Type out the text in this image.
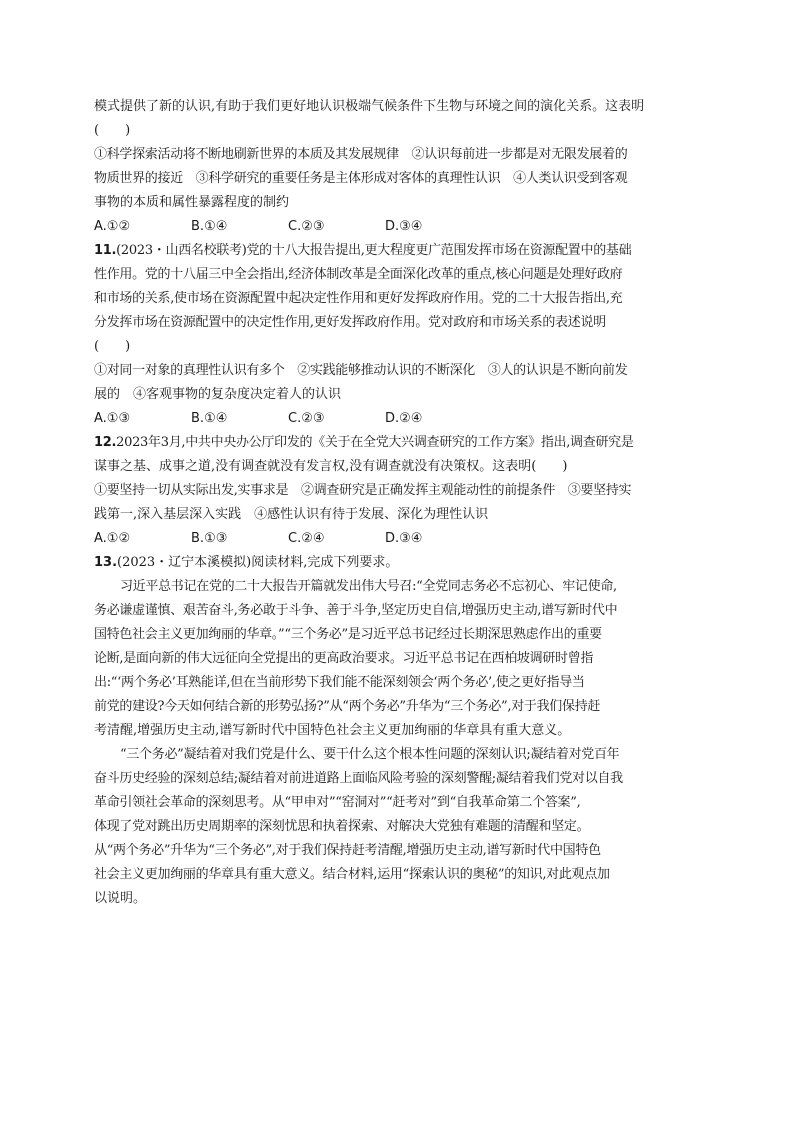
模式提供了新的认识,有助于我们更好地认识极端气候条件下生物与环境之间的演化关系。这表明
(　　)
①科学探索活动将不断地刷新世界的本质及其发展规律　②认识每前进一步都是对无限发展着的
物质世界的接近　③科学研究的重要任务是主体形成对客体的真理性认识　④人类认识受到客观
事物的本质和属性暴露程度的制约
A.①②	B.①④	C.②③	D.③④
11.(2023・山西名校联考)党的十八大报告提出,更大程度更广范围发挥市场在资源配置中的基础
性作用。党的十八届三中全会指出,经济体制改革是全面深化改革的重点,核心问题是处理好政府
和市场的关系,使市场在资源配置中起决定性作用和更好发挥政府作用。党的二十大报告指出,充
分发挥市场在资源配置中的决定性作用,更好发挥政府作用。党对政府和市场关系的表述说明
(　　)
①对同一对象的真理性认识有多个　②实践能够推动认识的不断深化　③人的认识是不断向前发
展的　④客观事物的复杂度决定着人的认识
A.①③	B.①④	C.②③	D.②④
12.2023年3月,中共中央办公厅印发的《关于在全党大兴调查研究的工作方案》指出,调查研究是
谋事之基、成事之道,没有调查就没有发言权,没有调查就没有决策权。这表明(　　)
①要坚持一切从实际出发,实事求是　②调查研究是正确发挥主观能动性的前提条件　③要坚持实
践第一,深入基层深入实践　④感性认识有待于发展、深化为理性认识
A.①②	B.①③	C.②④	D.③④
13.(2023・辽宁本溪模拟)阅读材料,完成下列要求。
习近平总书记在党的二十大报告开篇就发出伟大号召:“全党同志务必不忘初心、牢记使命,
务必谦虚谨慎、艰苦奋斗,务必敢于斗争、善于斗争,坚定历史自信,增强历史主动,谱写新时代中
国特色社会主义更加绚丽的华章。”“三个务必”是习近平总书记经过长期深思熟虑作出的重要
论断,是面向新的伟大远征向全党提出的更高政治要求。习近平总书记在西柏坡调研时曾指
出:“‘两个务必’耳熟能详,但在当前形势下我们能不能深刻领会‘两个务必’,使之更好指导当
前党的建设?今天如何结合新的形势弘扬?”从“两个务必”升华为“三个务必”,对于我们保持赶
考清醒,增强历史主动,谱写新时代中国特色社会主义更加绚丽的华章具有重大意义。
“三个务必”凝结着对我们党是什么、要干什么这个根本性问题的深刻认识;凝结着对党百年
奋斗历史经验的深刻总结;凝结着对前进道路上面临风险考验的深刻警醒;凝结着我们党对以自我
革命引领社会革命的深刻思考。从“甲申对”“窑洞对”“赶考对”到“自我革命第二个答案”,
体现了党对跳出历史周期率的深刻忧思和执着探索、对解决大党独有难题的清醒和坚定。
从“两个务必”升华为“三个务必”,对于我们保持赶考清醒,增强历史主动,谱写新时代中国特色
社会主义更加绚丽的华章具有重大意义。结合材料,运用“探索认识的奥秘”的知识,对此观点加
以说明。
